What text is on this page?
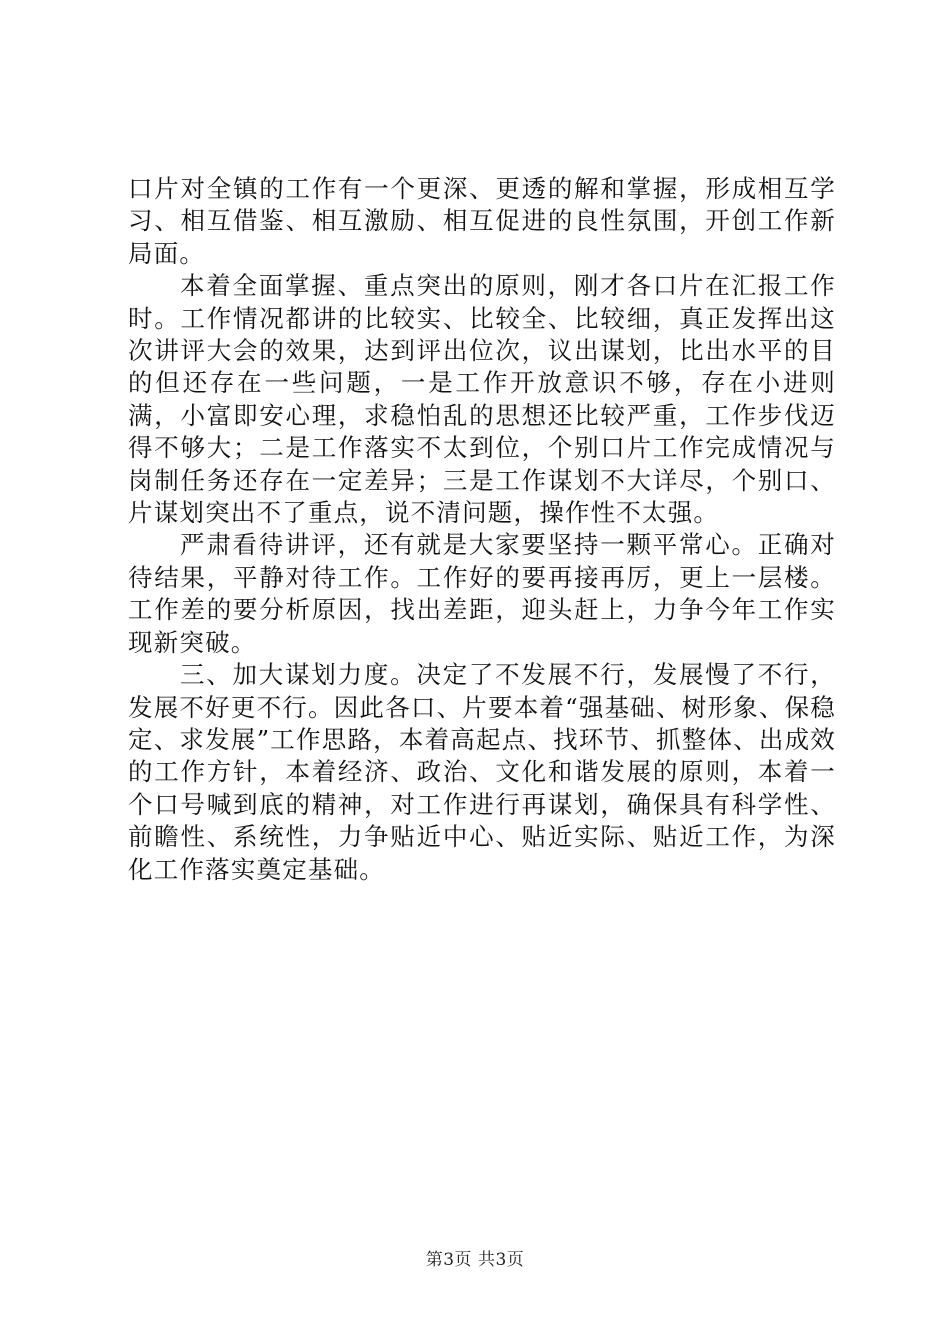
口片对全镇的工作有一个更深、更透的解和掌握，形成相互学习、相互借鉴、相互激励、相互促进的良性氛围，开创工作新局面。

本着全面掌握、重点突出的原则，刚才各口片在汇报工作时。工作情况都讲的比较实、比较全、比较细，真正发挥出这次讲评大会的效果，达到评出位次，议出谋划，比出水平的目的但还存在一些问题，一是工作开放意识不够，存在小进则满，小富即安心理，求稳怕乱的思想还比较严重，工作步伐迈得不够大；二是工作落实不太到位，个别口片工作完成情况与岗制任务还存在一定差异；三是工作谋划不大详尽，个别口、片谋划突出不了重点，说不清问题，操作性不太强。

严肃看待讲评，还有就是大家要坚持一颗平常心。正确对待结果，平静对待工作。工作好的要再接再厉，更上一层楼。工作差的要分析原因，找出差距，迎头赶上，力争今年工作实现新突破。

三、加大谋划力度。决定了不发展不行，发展慢了不行，发展不好更不行。因此各口、片要本着“强基础、树形象、保稳定、求发展”工作思路，本着高起点、找环节、抓整体、出成效的工作方针，本着经济、政治、文化和谐发展的原则，本着一个口号喊到底的精神，对工作进行再谋划，确保具有科学性、前瞻性、系统性，力争贴近中心、贴近实际、贴近工作，为深化工作落实奠定基础。

第3页 共3页
